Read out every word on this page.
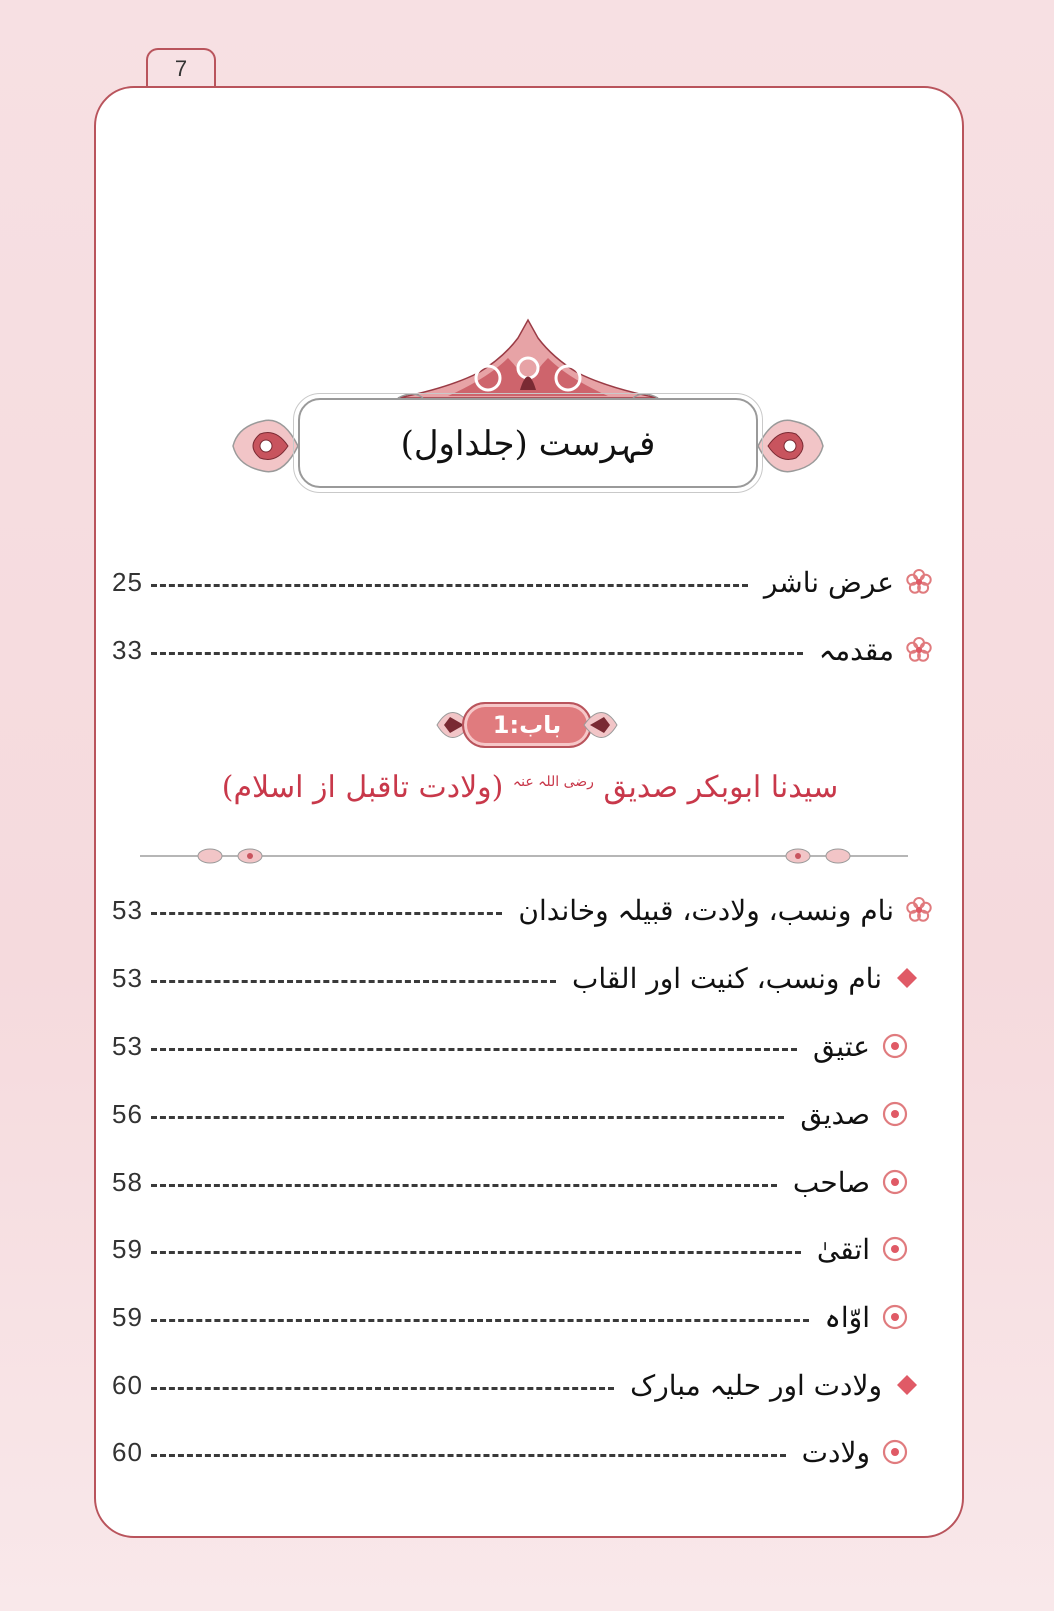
7
فہرست (جلداول)
عرض ناشر
25
مقدمہ
33
باب:1
سیدنا ابوبکر صدیق $^{رضی اللہ عنہ}$ (ولادت تاقبل از اسلام)
نام ونسب، ولادت، قبیلہ وخاندان
53
نام ونسب، کنیت اور القاب
53
عتیق
53
صدیق
56
صاحب
58
اتقیٰ
59
اوّاہ
59
ولادت اور حلیہ مبارک
60
ولادت
60
